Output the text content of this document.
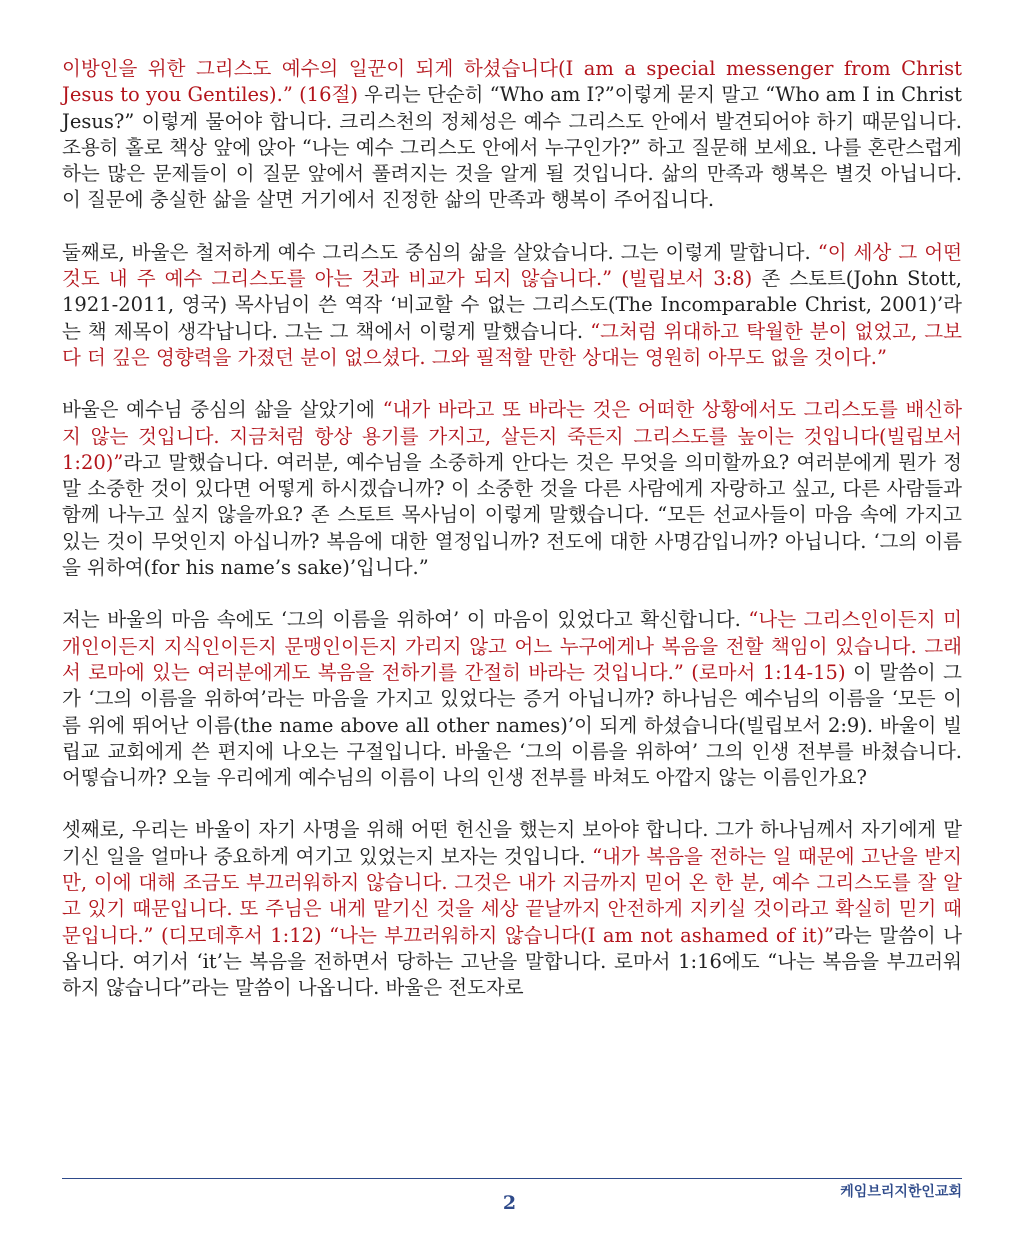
이방인을 위한 그리스도 예수의 일꾼이 되게 하셨습니다(I am a special messenger from Christ Jesus to you Gentiles).” (16절) 우리는 단순히 “Who am I?”이렇게 묻지 말고 “Who am I in Christ Jesus?” 이렇게 물어야 합니다. 크리스천의 정체성은 예수 그리스도 안에서 발견되어야 하기 때문입니다. 조용히 홀로 책상 앞에 앉아 “나는 예수 그리스도 안에서 누구인가?” 하고 질문해 보세요. 나를 혼란스럽게 하는 많은 문제들이 이 질문 앞에서 풀려지는 것을 알게 될 것입니다. 삶의 만족과 행복은 별것 아닙니다. 이 질문에 충실한 삶을 살면 거기에서 진정한 삶의 만족과 행복이 주어집니다.

둘째로, 바울은 철저하게 예수 그리스도 중심의 삶을 살았습니다. 그는 이렇게 말합니다. “이 세상 그 어떤 것도 내 주 예수 그리스도를 아는 것과 비교가 되지 않습니다.” (빌립보서 3:8) 존 스토트(John Stott, 1921-2011, 영국) 목사님이 쓴 역작 ‘비교할 수 없는 그리스도(The Incomparable Christ, 2001)’라는 책 제목이 생각납니다. 그는 그 책에서 이렇게 말했습니다. “그처럼 위대하고 탁월한 분이 없었고, 그보다 더 깊은 영향력을 가졌던 분이 없으셨다. 그와 필적할 만한 상대는 영원히 아무도 없을 것이다.”

바울은 예수님 중심의 삶을 살았기에 “내가 바라고 또 바라는 것은 어떠한 상황에서도 그리스도를 배신하지 않는 것입니다. 지금처럼 항상 용기를 가지고, 살든지 죽든지 그리스도를 높이는 것입니다(빌립보서 1:20)”라고 말했습니다. 여러분, 예수님을 소중하게 안다는 것은 무엇을 의미할까요? 여러분에게 뭔가 정말 소중한 것이 있다면 어떻게 하시겠습니까? 이 소중한 것을 다른 사람에게 자랑하고 싶고, 다른 사람들과 함께 나누고 싶지 않을까요? 존 스토트 목사님이 이렇게 말했습니다. “모든 선교사들이 마음 속에 가지고 있는 것이 무엇인지 아십니까? 복음에 대한 열정입니까? 전도에 대한 사명감입니까? 아닙니다. ‘그의 이름을 위하여(for his name’s sake)’입니다.”

저는 바울의 마음 속에도 ‘그의 이름을 위하여’ 이 마음이 있었다고 확신합니다. “나는 그리스인이든지 미개인이든지 지식인이든지 문맹인이든지 가리지 않고 어느 누구에게나 복음을 전할 책임이 있습니다. 그래서 로마에 있는 여러분에게도 복음을 전하기를 간절히 바라는 것입니다.” (로마서 1:14-15) 이 말씀이 그가 ‘그의 이름을 위하여’라는 마음을 가지고 있었다는 증거 아닙니까? 하나님은 예수님의 이름을 ‘모든 이름 위에 뛰어난 이름(the name above all other names)’이 되게 하셨습니다(빌립보서 2:9). 바울이 빌립교 교회에게 쓴 편지에 나오는 구절입니다. 바울은 ‘그의 이름을 위하여’ 그의 인생 전부를 바쳤습니다. 어떻습니까? 오늘 우리에게 예수님의 이름이 나의 인생 전부를 바쳐도 아깝지 않는 이름인가요?

셋째로, 우리는 바울이 자기 사명을 위해 어떤 헌신을 했는지 보아야 합니다. 그가 하나님께서 자기에게 맡기신 일을 얼마나 중요하게 여기고 있었는지 보자는 것입니다. “내가 복음을 전하는 일 때문에 고난을 받지만, 이에 대해 조금도 부끄러워하지 않습니다. 그것은 내가 지금까지 믿어 온 한 분, 예수 그리스도를 잘 알고 있기 때문입니다. 또 주님은 내게 맡기신 것을 세상 끝날까지 안전하게 지키실 것이라고 확실히 믿기 때문입니다.” (디모데후서 1:12) “나는 부끄러워하지 않습니다(I am not ashamed of it)”라는 말씀이 나옵니다. 여기서 ‘it’는 복음을 전하면서 당하는 고난을 말합니다. 로마서 1:16에도 “나는 복음을 부끄러워하지 않습니다”라는 말씀이 나옵니다. 바울은 전도자로

케임브리지한인교회
2
